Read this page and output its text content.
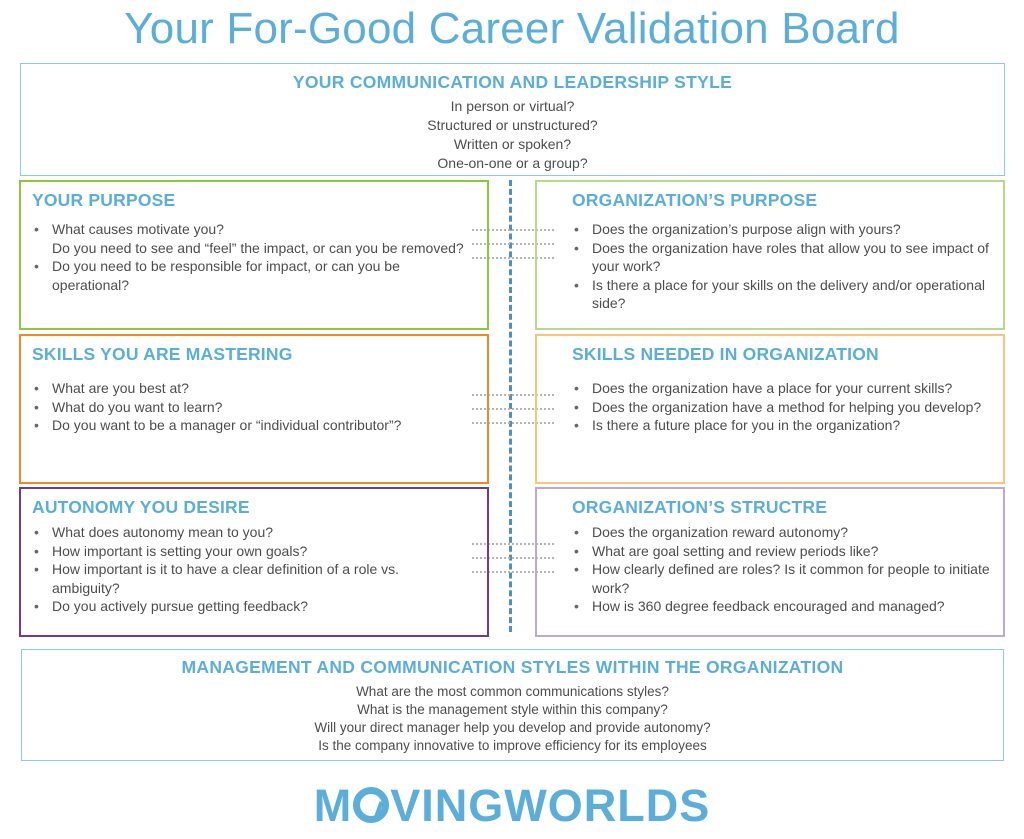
Your For-Good Career Validation Board
YOUR COMMUNICATION AND LEADERSHIP STYLE
In person or virtual?
Structured or unstructured?
Written or spoken?
One-on-one or a group?
YOUR PURPOSE
• What causes motivate you?
Do you need to see and “feel” the impact, or can you be removed?
• Do you need to be responsible for impact, or can you be operational?
ORGANIZATION’S PURPOSE
• Does the organization’s purpose align with yours?
• Does the organization have roles that allow you to see impact of your work?
• Is there a place for your skills on the delivery and/or operational side?
SKILLS YOU ARE MASTERING
• What are you best at?
• What do you want to learn?
• Do you want to be a manager or “individual contributor”?
SKILLS NEEDED IN ORGANIZATION
• Does the organization have a place for your current skills?
• Does the organization have a method for helping you develop?
• Is there a future place for you in the organization?
AUTONOMY YOU DESIRE
• What does autonomy mean to you?
• How important is setting your own goals?
• How important is it to have a clear definition of a role vs. ambiguity?
• Do you actively pursue getting feedback?
ORGANIZATION’S STRUCTRE
• Does the organization reward autonomy?
• What are goal setting and review periods like?
• How clearly defined are roles? Is it common for people to initiate work?
• How is 360 degree feedback encouraged and managed?
MANAGEMENT AND COMMUNICATION STYLES WITHIN THE ORGANIZATION
What are the most common communications styles?
What is the management style within this company?
Will your direct manager help you develop and provide autonomy?
Is the company innovative to improve efficiency for its employees
M VINGWORLDS
